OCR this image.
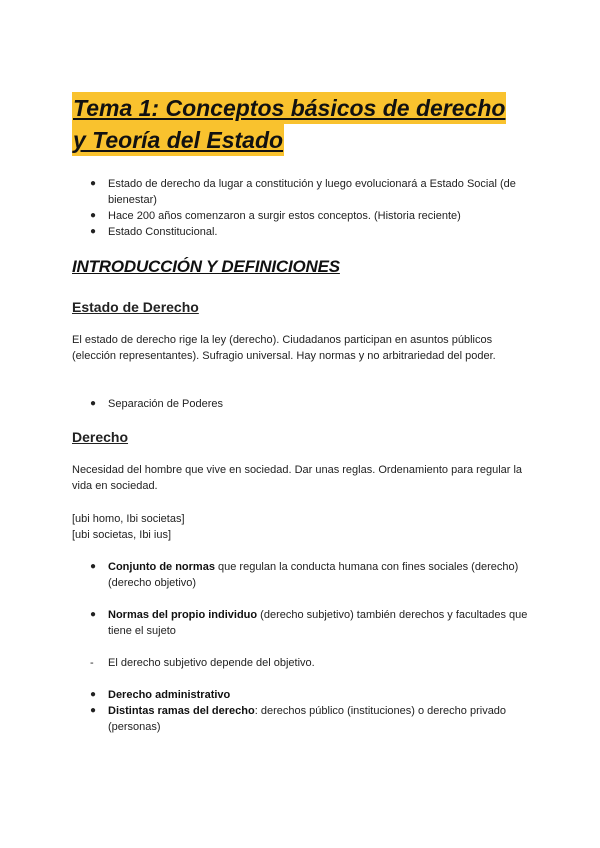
Tema 1: Conceptos básicos de derecho
y Teoría del Estado
● Estado de derecho da lugar a constitución y luego evolucionará a Estado Social (de bienestar)
● Hace 200 años comenzaron a surgir estos conceptos. (Historia reciente)
● Estado Constitucional.
INTRODUCCIÓN Y DEFINICIONES
Estado de Derecho

El estado de derecho rige la ley (derecho). Ciudadanos participan en asuntos públicos (elección representantes). Sufragio universal. Hay normas y no arbitrariedad del poder.

● Separación de Poderes
Derecho

Necesidad del hombre que vive en sociedad. Dar unas reglas. Ordenamiento para regular la vida en sociedad.

[ubi homo, Ibi societas]
[ubi societas, Ibi ius]

● Conjunto de normas que regulan la conducta humana con fines sociales (derecho) (derecho objetivo)
● Normas del propio individuo (derecho subjetivo) también derechos y facultades que tiene el sujeto
- El derecho subjetivo depende del objetivo.
● Derecho administrativo
● Distintas ramas del derecho: derechos público (instituciones) o derecho privado (personas)
